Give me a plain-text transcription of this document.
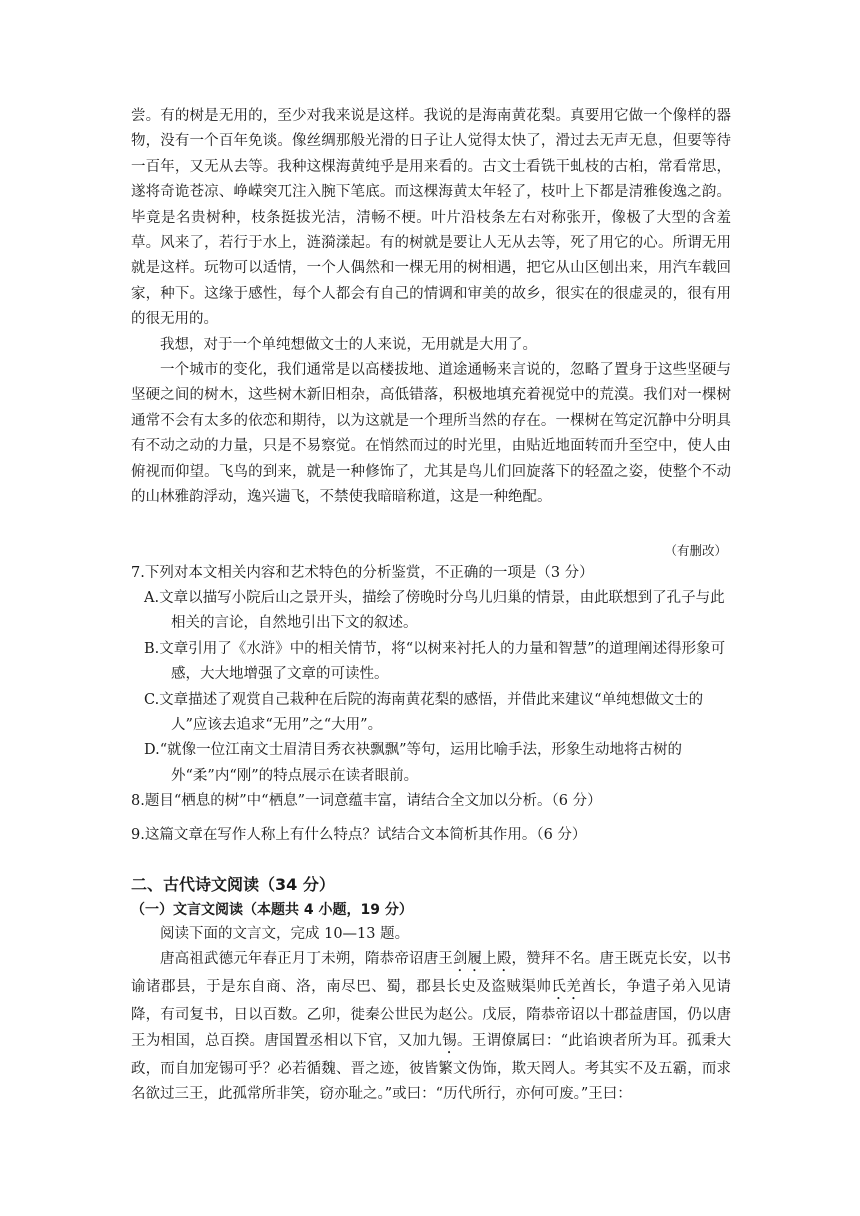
尝。有的树是无用的，至少对我来说是这样。我说的是海南黄花梨。真要用它做一个像样的器物，没有一个百年免谈。像丝绸那般光滑的日子让人觉得太快了，滑过去无声无息，但要等待一百年，又无从去等。我种这棵海黄纯乎是用来看的。古文士看铣干虬枝的古桕，常看常思，遂将奇诡苍凉、峥嵘突兀注入腕下笔底。而这棵海黄太年轻了，枝叶上下都是清雅俊逸之韵。毕竟是名贵树种，枝条挺拔光洁，清畅不梗。叶片沿枝条左右对称张开，像极了大型的含羞草。风来了，若行于水上，涟漪漾起。有的树就是要让人无从去等，死了用它的心。所谓无用就是这样。玩物可以适情，一个人偶然和一棵无用的树相遇，把它从山区刨出来，用汽车载回家，种下。这缘于感性，每个人都会有自己的情调和审美的故乡，很实在的很虚灵的，很有用的很无用的。

我想，对于一个单纯想做文士的人来说，无用就是大用了。

一个城市的变化，我们通常是以高楼拔地、道途通畅来言说的，忽略了置身于这些坚硬与坚硬之间的树木，这些树木新旧相杂，高低错落，积极地填充着视觉中的荒漠。我们对一棵树通常不会有太多的依恋和期待，以为这就是一个理所当然的存在。一棵树在笃定沉静中分明具有不动之动的力量，只是不易察觉。在悄然而过的时光里，由贴近地面转而升至空中，使人由俯视而仰望。飞鸟的到来，就是一种修饰了，尤其是鸟儿们回旋落下的轻盈之姿，使整个不动的山林雅韵浮动，逸兴遄飞，不禁使我暗暗称道，这是一种绝配。

（有删改）

7.下列对本文相关内容和艺术特色的分析鉴赏，不正确的一项是（3 分）

A.文章以描写小院后山之景开头，描绘了傍晚时分鸟儿归巢的情景，由此联想到了孔子与此相关的言论，自然地引出下文的叙述。

B.文章引用了《水浒》中的相关情节，将“以树来衬托人的力量和智慧”的道理阐述得形象可感，大大地增强了文章的可读性。

C.文章描述了观赏自己栽种在后院的海南黄花梨的感悟，并借此来建议“单纯想做文士的人”应该去追求“无用”之“大用”。

D.“就像一位江南文士眉清目秀衣袂飘飘”等句，运用比喻手法，形象生动地将古树的外“柔”内“刚”的特点展示在读者眼前。

8.题目“栖息的树”中“栖息”一词意蕴丰富，请结合全文加以分析。（6 分）

9.这篇文章在写作人称上有什么特点？试结合文本简析其作用。（6 分）

二、古代诗文阅读（34 分）

（一）文言文阅读（本题共 4 小题，19 分）

阅读下面的文言文，完成 10—13 题。

唐高祖武德元年春正月丁未朔，隋恭帝诏唐王剑履上殿，赞拜不名。唐王既克长安，以书谕诸郡县，于是东自商、洛，南尽巴、蜀，郡县长史及盗贼渠帅氏羌酋长，争遣子弟入见请降，有司复书，日以百数。乙卯，徙秦公世民为赵公。戊辰，隋恭帝诏以十郡益唐国，仍以唐王为相国，总百揆。唐国置丞相以下官，又加九锡。王谓僚属曰：“此谄谀者所为耳。孤秉大政，而自加宠锡可乎？必若循魏、晋之迹，彼皆繁文伪饰，欺天罔人。考其实不及五霸，而求名欲过三王，此孤常所非笑，窃亦耻之。”或曰：“历代所行，亦何可废。”王曰：
